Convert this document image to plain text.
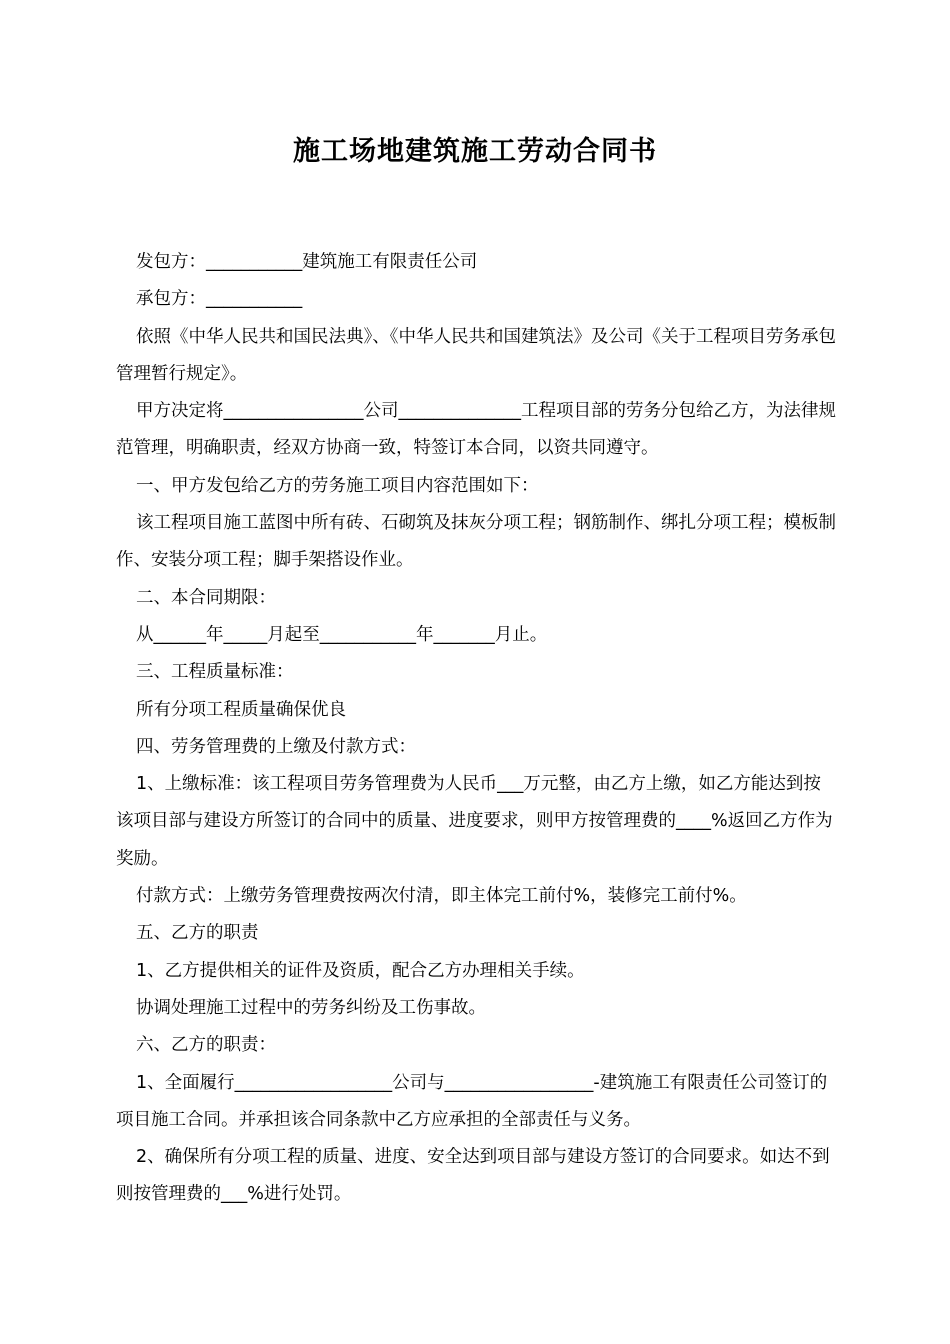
施工场地建筑施工劳动合同书

发包方：___________建筑施工有限责任公司

承包方：___________

依照《中华人民共和国民法典》、《中华人民共和国建筑法》及公司《关于工程项目劳务承包管理暂行规定》。

甲方决定将________________公司______________工程项目部的劳务分包给乙方，为法律规范管理，明确职责，经双方协商一致，特签订本合同，以资共同遵守。

一、甲方发包给乙方的劳务施工项目内容范围如下：

该工程项目施工蓝图中所有砖、石砌筑及抹灰分项工程；钢筋制作、绑扎分项工程；模板制作、安装分项工程；脚手架搭设作业。

二、本合同期限：

从______年_____月起至___________年_______月止。

三、工程质量标准：

所有分项工程质量确保优良

四、劳务管理费的上缴及付款方式：

1、上缴标准：该工程项目劳务管理费为人民币___万元整，由乙方上缴，如乙方能达到按该项目部与建设方所签订的合同中的质量、进度要求，则甲方按管理费的____%返回乙方作为奖励。

付款方式：上缴劳务管理费按两次付清，即主体完工前付%，装修完工前付%。

五、乙方的职责

1、乙方提供相关的证件及资质，配合乙方办理相关手续。

协调处理施工过程中的劳务纠纷及工伤事故。

六、乙方的职责：

1、全面履行__________________公司与_________________-建筑施工有限责任公司签订的项目施工合同。并承担该合同条款中乙方应承担的全部责任与义务。

2、确保所有分项工程的质量、进度、安全达到项目部与建设方签订的合同要求。如达不到则按管理费的___%进行处罚。
